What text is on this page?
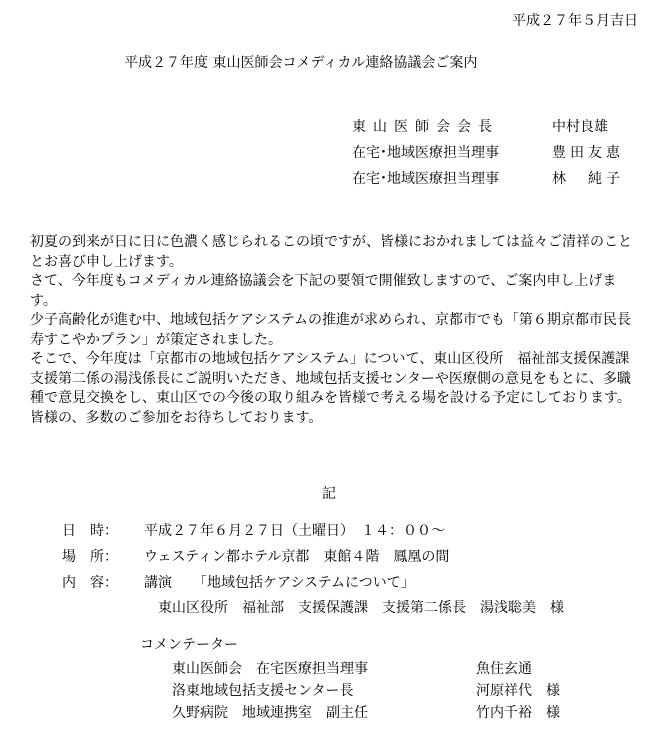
平成２７年５月吉日
平成２７年度 東山医師会コメディカル連絡協議会ご案内
東山医師会会長	中村良雄
在宅･地域医療担当理事	豊田友恵
在宅･地域医療担当理事	林　純子

初夏の到来が日に日に色濃く感じられるこの頃ですが、皆様におかれましては益々ご清祥のこととお喜び申し上げます。

さて、今年度もコメディカル連絡協議会を下記の要領で開催致しますので、ご案内申し上げます。

少子高齢化が進む中、地域包括ケアシステムの推進が求められ、京都市でも「第６期京都市民長寿すこやかプラン」が策定されました。

そこで、今年度は「京都市の地域包括ケアシステム」について、東山区役所　福祉部支援保護課　支援第二係の湯浅係長にご説明いただき、地域包括支援センターや医療側の意見をもとに、多職種で意見交換をし、東山区での今後の取り組みを皆様で考える場を設ける予定にしております。

皆様の、多数のご参加をお待ちしております。

記
日　時： 平成２７年６月２７日（土曜日）　１４：００～
場　所： ウェスティン都ホテル京都　東館４階　鳳凰の間
内　容： 講演　　「地域包括ケアシステムについて」
東山区役所　福祉部　支援保護課　支援第二係長　湯浅聡美　様
コメンテーター
東山医師会　在宅医療担当理事	魚住玄通
洛東地域包括支援センター長	河原祥代　様
久野病院　地域連携室　副主任	竹内千裕　様
